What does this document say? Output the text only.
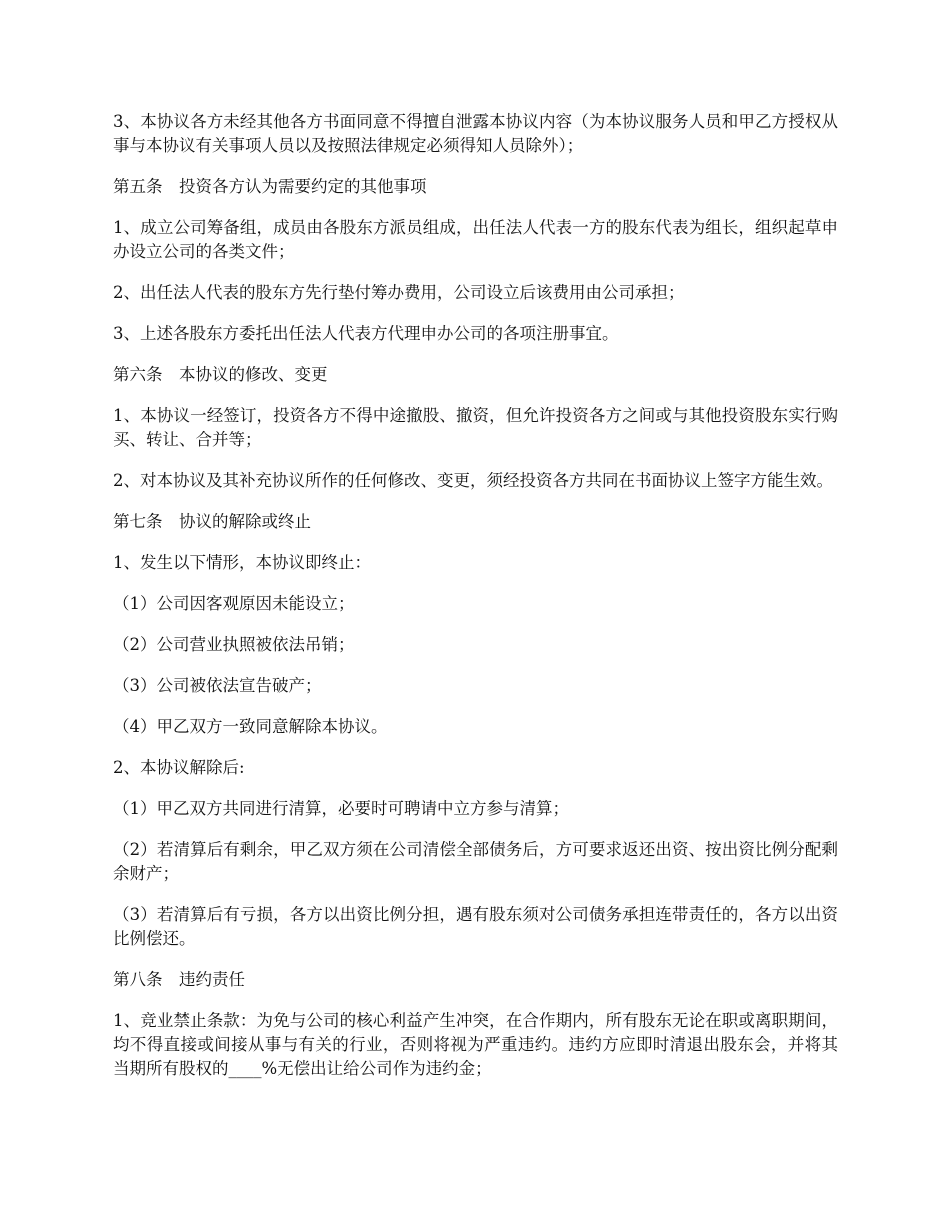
3、本协议各方未经其他各方书面同意不得擅自泄露本协议内容（为本协议服务人员和甲乙方授权从事与本协议有关事项人员以及按照法律规定必须得知人员除外）；

第五条　投资各方认为需要约定的其他事项

1、成立公司筹备组，成员由各股东方派员组成，出任法人代表一方的股东代表为组长，组织起草申办设立公司的各类文件；

2、出任法人代表的股东方先行垫付筹办费用，公司设立后该费用由公司承担；

3、上述各股东方委托出任法人代表方代理申办公司的各项注册事宜。

第六条　本协议的修改、变更

1、本协议一经签订，投资各方不得中途撤股、撤资，但允许投资各方之间或与其他投资股东实行购买、转让、合并等；

2、对本协议及其补充协议所作的任何修改、变更，须经投资各方共同在书面协议上签字方能生效。

第七条　协议的解除或终止

1、发生以下情形，本协议即终止：

（1）公司因客观原因未能设立；

（2）公司营业执照被依法吊销；

（3）公司被依法宣告破产；

（4）甲乙双方一致同意解除本协议。

2、本协议解除后:

（1）甲乙双方共同进行清算，必要时可聘请中立方参与清算；

（2）若清算后有剩余，甲乙双方须在公司清偿全部债务后，方可要求返还出资、按出资比例分配剩余财产；

（3）若清算后有亏损，各方以出资比例分担，遇有股东须对公司债务承担连带责任的，各方以出资比例偿还。

第八条　违约责任

1、竞业禁止条款：为免与公司的核心利益产生冲突，在合作期内，所有股东无论在职或离职期间，均不得直接或间接从事与有关的行业，否则将视为严重违约。违约方应即时清退出股东会，并将其当期所有股权的____%无偿出让给公司作为违约金；
